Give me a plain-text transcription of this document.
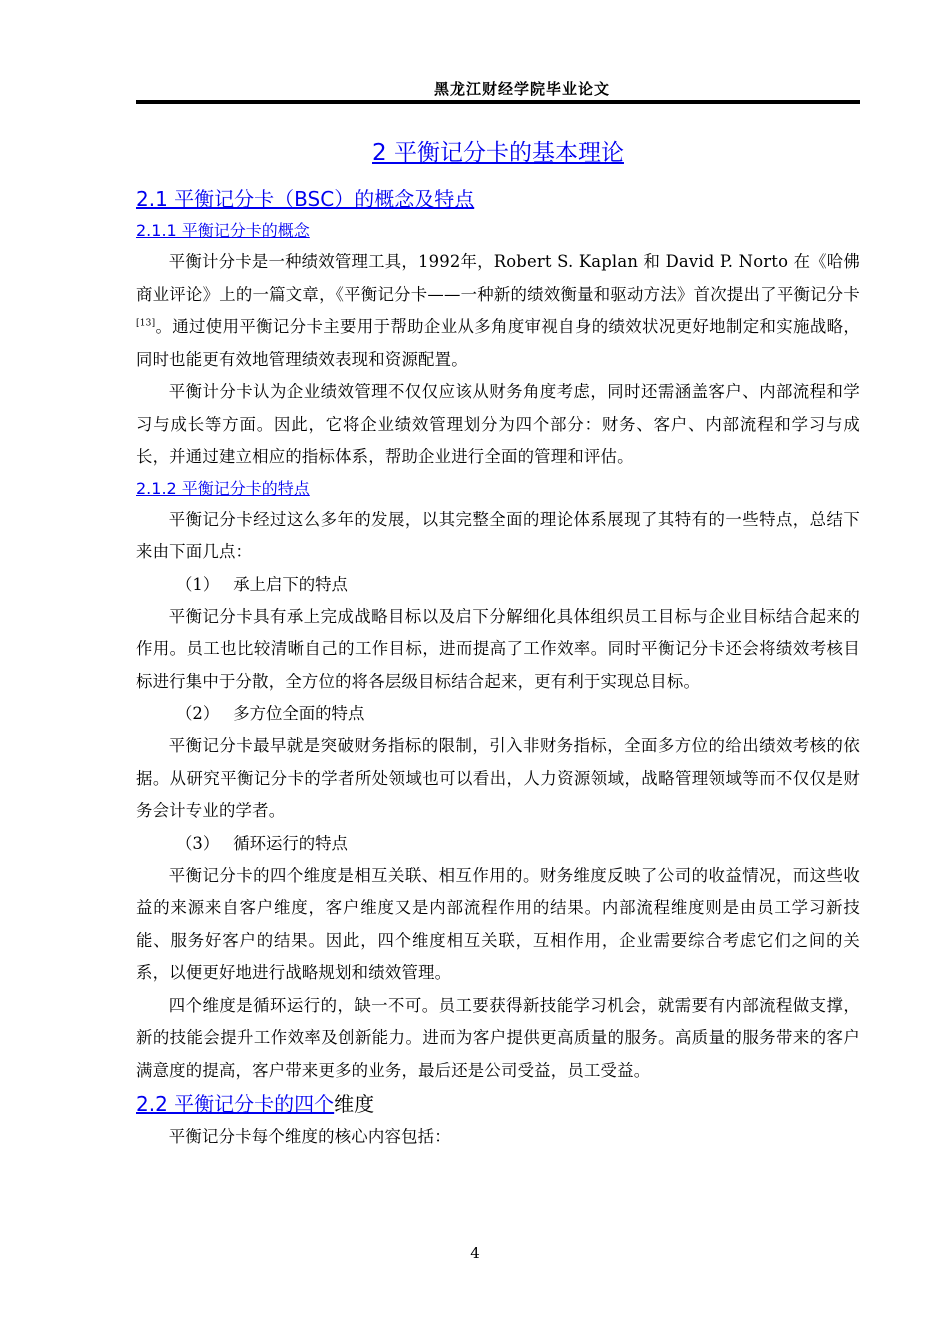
黑龙江财经学院毕业论文
2 平衡记分卡的基本理论
2.1 平衡记分卡（BSC）的概念及特点
2.1.1 平衡记分卡的概念

平衡计分卡是一种绩效管理工具，1992年，Robert S. Kaplan 和 David P. Norto 在《哈佛商业评论》上的一篇文章，《平衡记分卡——一种新的绩效衡量和驱动方法》首次提出了平衡记分卡[13]。通过使用平衡记分卡主要用于帮助企业从多角度审视自身的绩效状况更好地制定和实施战略，同时也能更有效地管理绩效表现和资源配置。

平衡计分卡认为企业绩效管理不仅仅应该从财务角度考虑，同时还需涵盖客户、内部流程和学习与成长等方面。因此，它将企业绩效管理划分为四个部分：财务、客户、内部流程和学习与成长，并通过建立相应的指标体系，帮助企业进行全面的管理和评估。

2.1.2 平衡记分卡的特点

平衡记分卡经过这么多年的发展，以其完整全面的理论体系展现了其特有的一些特点，总结下来由下面几点：

（1） 承上启下的特点

平衡记分卡具有承上完成战略目标以及启下分解细化具体组织员工目标与企业目标结合起来的作用。员工也比较清晰自己的工作目标，进而提高了工作效率。同时平衡记分卡还会将绩效考核目标进行集中于分散，全方位的将各层级目标结合起来，更有利于实现总目标。

（2） 多方位全面的特点

平衡记分卡最早就是突破财务指标的限制，引入非财务指标，全面多方位的给出绩效考核的依据。从研究平衡记分卡的学者所处领域也可以看出，人力资源领域，战略管理领域等而不仅仅是财务会计专业的学者。

（3） 循环运行的特点

平衡记分卡的四个维度是相互关联、相互作用的。财务维度反映了公司的收益情况，而这些收益的来源来自客户维度，客户维度又是内部流程作用的结果。内部流程维度则是由员工学习新技能、服务好客户的结果。因此，四个维度相互关联，互相作用，企业需要综合考虑它们之间的关系，以便更好地进行战略规划和绩效管理。

四个维度是循环运行的，缺一不可。员工要获得新技能学习机会，就需要有内部流程做支撑，新的技能会提升工作效率及创新能力。进而为客户提供更高质量的服务。高质量的服务带来的客户满意度的提高，客户带来更多的业务，最后还是公司受益，员工受益。

2.2 平衡记分卡的四个维度

平衡记分卡每个维度的核心内容包括：

4
